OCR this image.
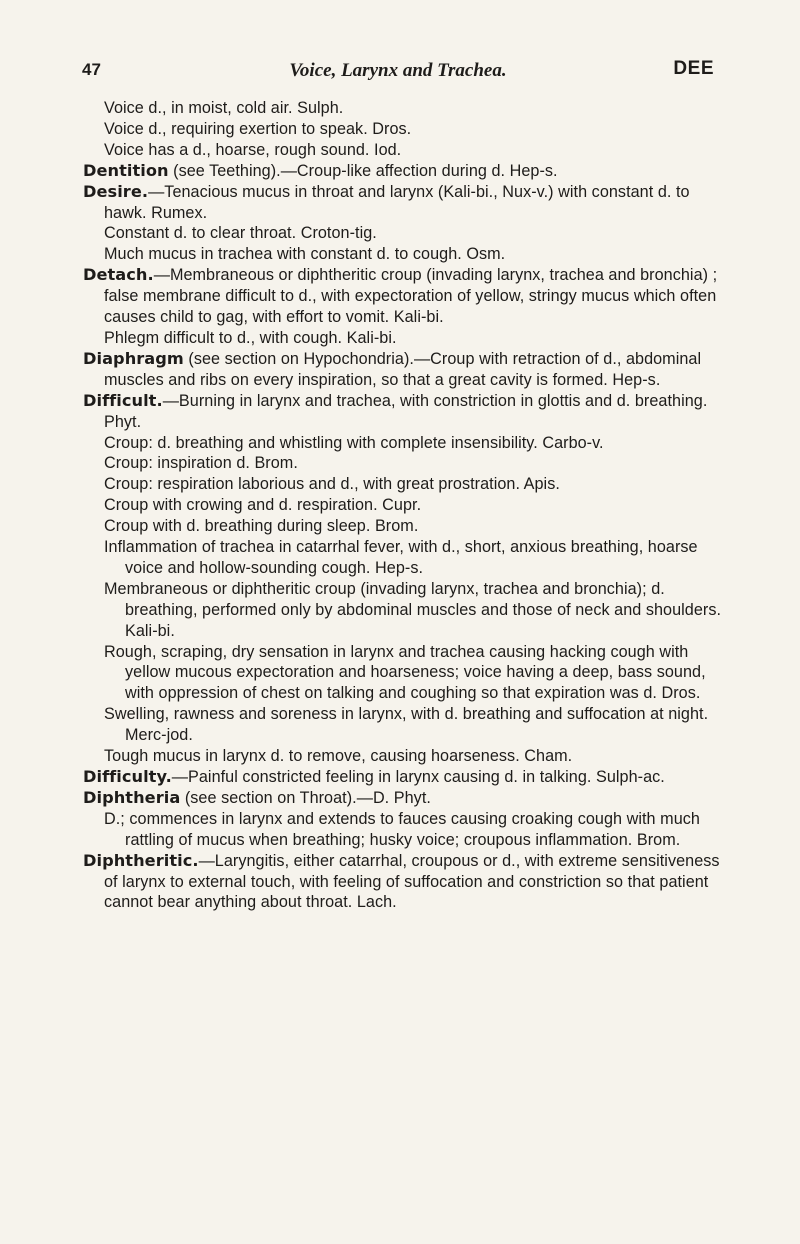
47	Voice, Larynx and Trachea.	DEE

Voice d., in moist, cold air. Sulph.

Voice d., requiring exertion to speak. Dros.

Voice has a d., hoarse, rough sound. Iod.

Dentition (see Teething).—Croup-like affection during d. Hep-s.

Desire.—Tenacious mucus in throat and larynx (Kali-bi., Nux-v.) with constant d. to hawk. Rumex.

Constant d. to clear throat. Croton-tig.

Much mucus in trachea with constant d. to cough. Osm.

Detach.—Membraneous or diphtheritic croup (invading larynx, trachea and bronchia) ; false membrane difficult to d., with expectoration of yellow, stringy mucus which often causes child to gag, with effort to vomit. Kali-bi.

Phlegm difficult to d., with cough. Kali-bi.

Diaphragm (see section on Hypochondria).—Croup with retraction of d., abdominal muscles and ribs on every inspiration, so that a great cavity is formed. Hep-s.

Difficult.—Burning in larynx and trachea, with constriction in glottis and d. breathing. Phyt.

Croup: d. breathing and whistling with complete insensibility. Carbo-v.

Croup: inspiration d. Brom.

Croup: respiration laborious and d., with great prostration. Apis.

Croup with crowing and d. respiration. Cupr.

Croup with d. breathing during sleep. Brom.

Inflammation of trachea in catarrhal fever, with d., short, anxious breathing, hoarse voice and hollow-sounding cough. Hep-s.

Membraneous or diphtheritic croup (invading larynx, trachea and bronchia); d. breathing, performed only by abdominal muscles and those of neck and shoulders. Kali-bi.

Rough, scraping, dry sensation in larynx and trachea causing hacking cough with yellow mucous expectoration and hoarseness; voice having a deep, bass sound, with oppression of chest on talking and coughing so that expiration was d. Dros.

Swelling, rawness and soreness in larynx, with d. breathing and suffocation at night. Merc-jod.

Tough mucus in larynx d. to remove, causing hoarseness. Cham.

Difficulty.—Painful constricted feeling in larynx causing d. in talking. Sulph-ac.

Diphtheria (see section on Throat).—D. Phyt.

D.; commences in larynx and extends to fauces causing croaking cough with much rattling of mucus when breathing; husky voice; croupous inflammation. Brom.

Diphtheritic.—Laryngitis, either catarrhal, croupous or d., with extreme sensitiveness of larynx to external touch, with feeling of suffocation and constriction so that patient cannot bear anything about throat. Lach.
